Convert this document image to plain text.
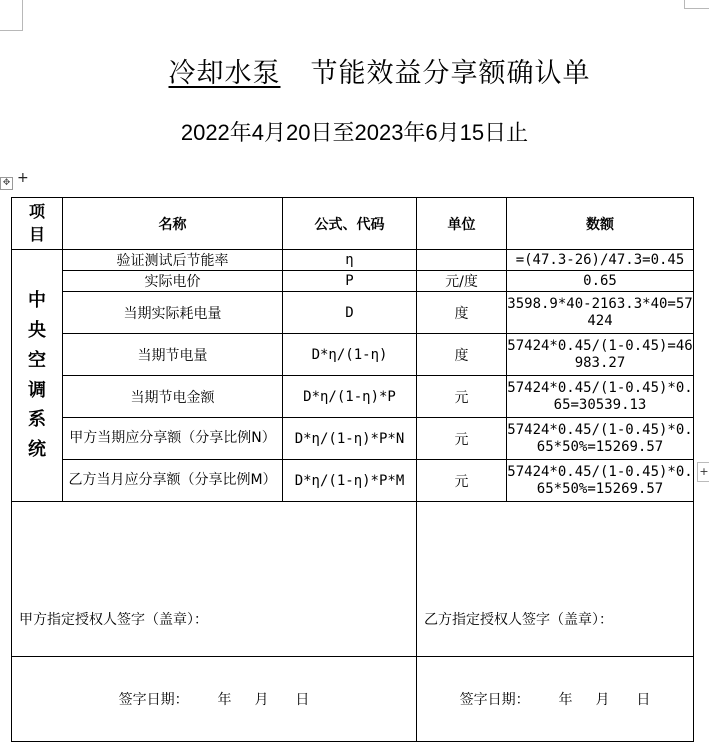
冷却水泵 节能效益分享额确认单
2022年4月20日至2023年6月15日止
✥ +
+
项目	名称	公式、代码	单位	数额
中央空调系统	验证测试后节能率	η		=(47.3-26)/47.3=0.45
	实际电价	P	元/度	0.65
	当期实际耗电量	D	度	3598.9*40-2163.3*40=57424

	当期节电量	D*η/(1-η)	度	57424*0.45/(1-0.45)=46983.27

	当期节电金额	D*η/(1-η)*P	元	57424*0.45/(1-0.45)*0.65=30539.13

	甲方当期应分享额（分享比例N）	D*η/(1-η)*P*N	元	57424*0.45/(1-0.45)*0.65*50%=15269.57

	乙方当月应分享额（分享比例M）	D*η/(1-η)*P*M	元	57424*0.45/(1-0.45)*0.65*50%=15269.57

甲方指定授权人签字（盖章）：			乙方指定授权人签字（盖章）：	
签字日期： 年 月 日			签字日期： 年 月 日	
